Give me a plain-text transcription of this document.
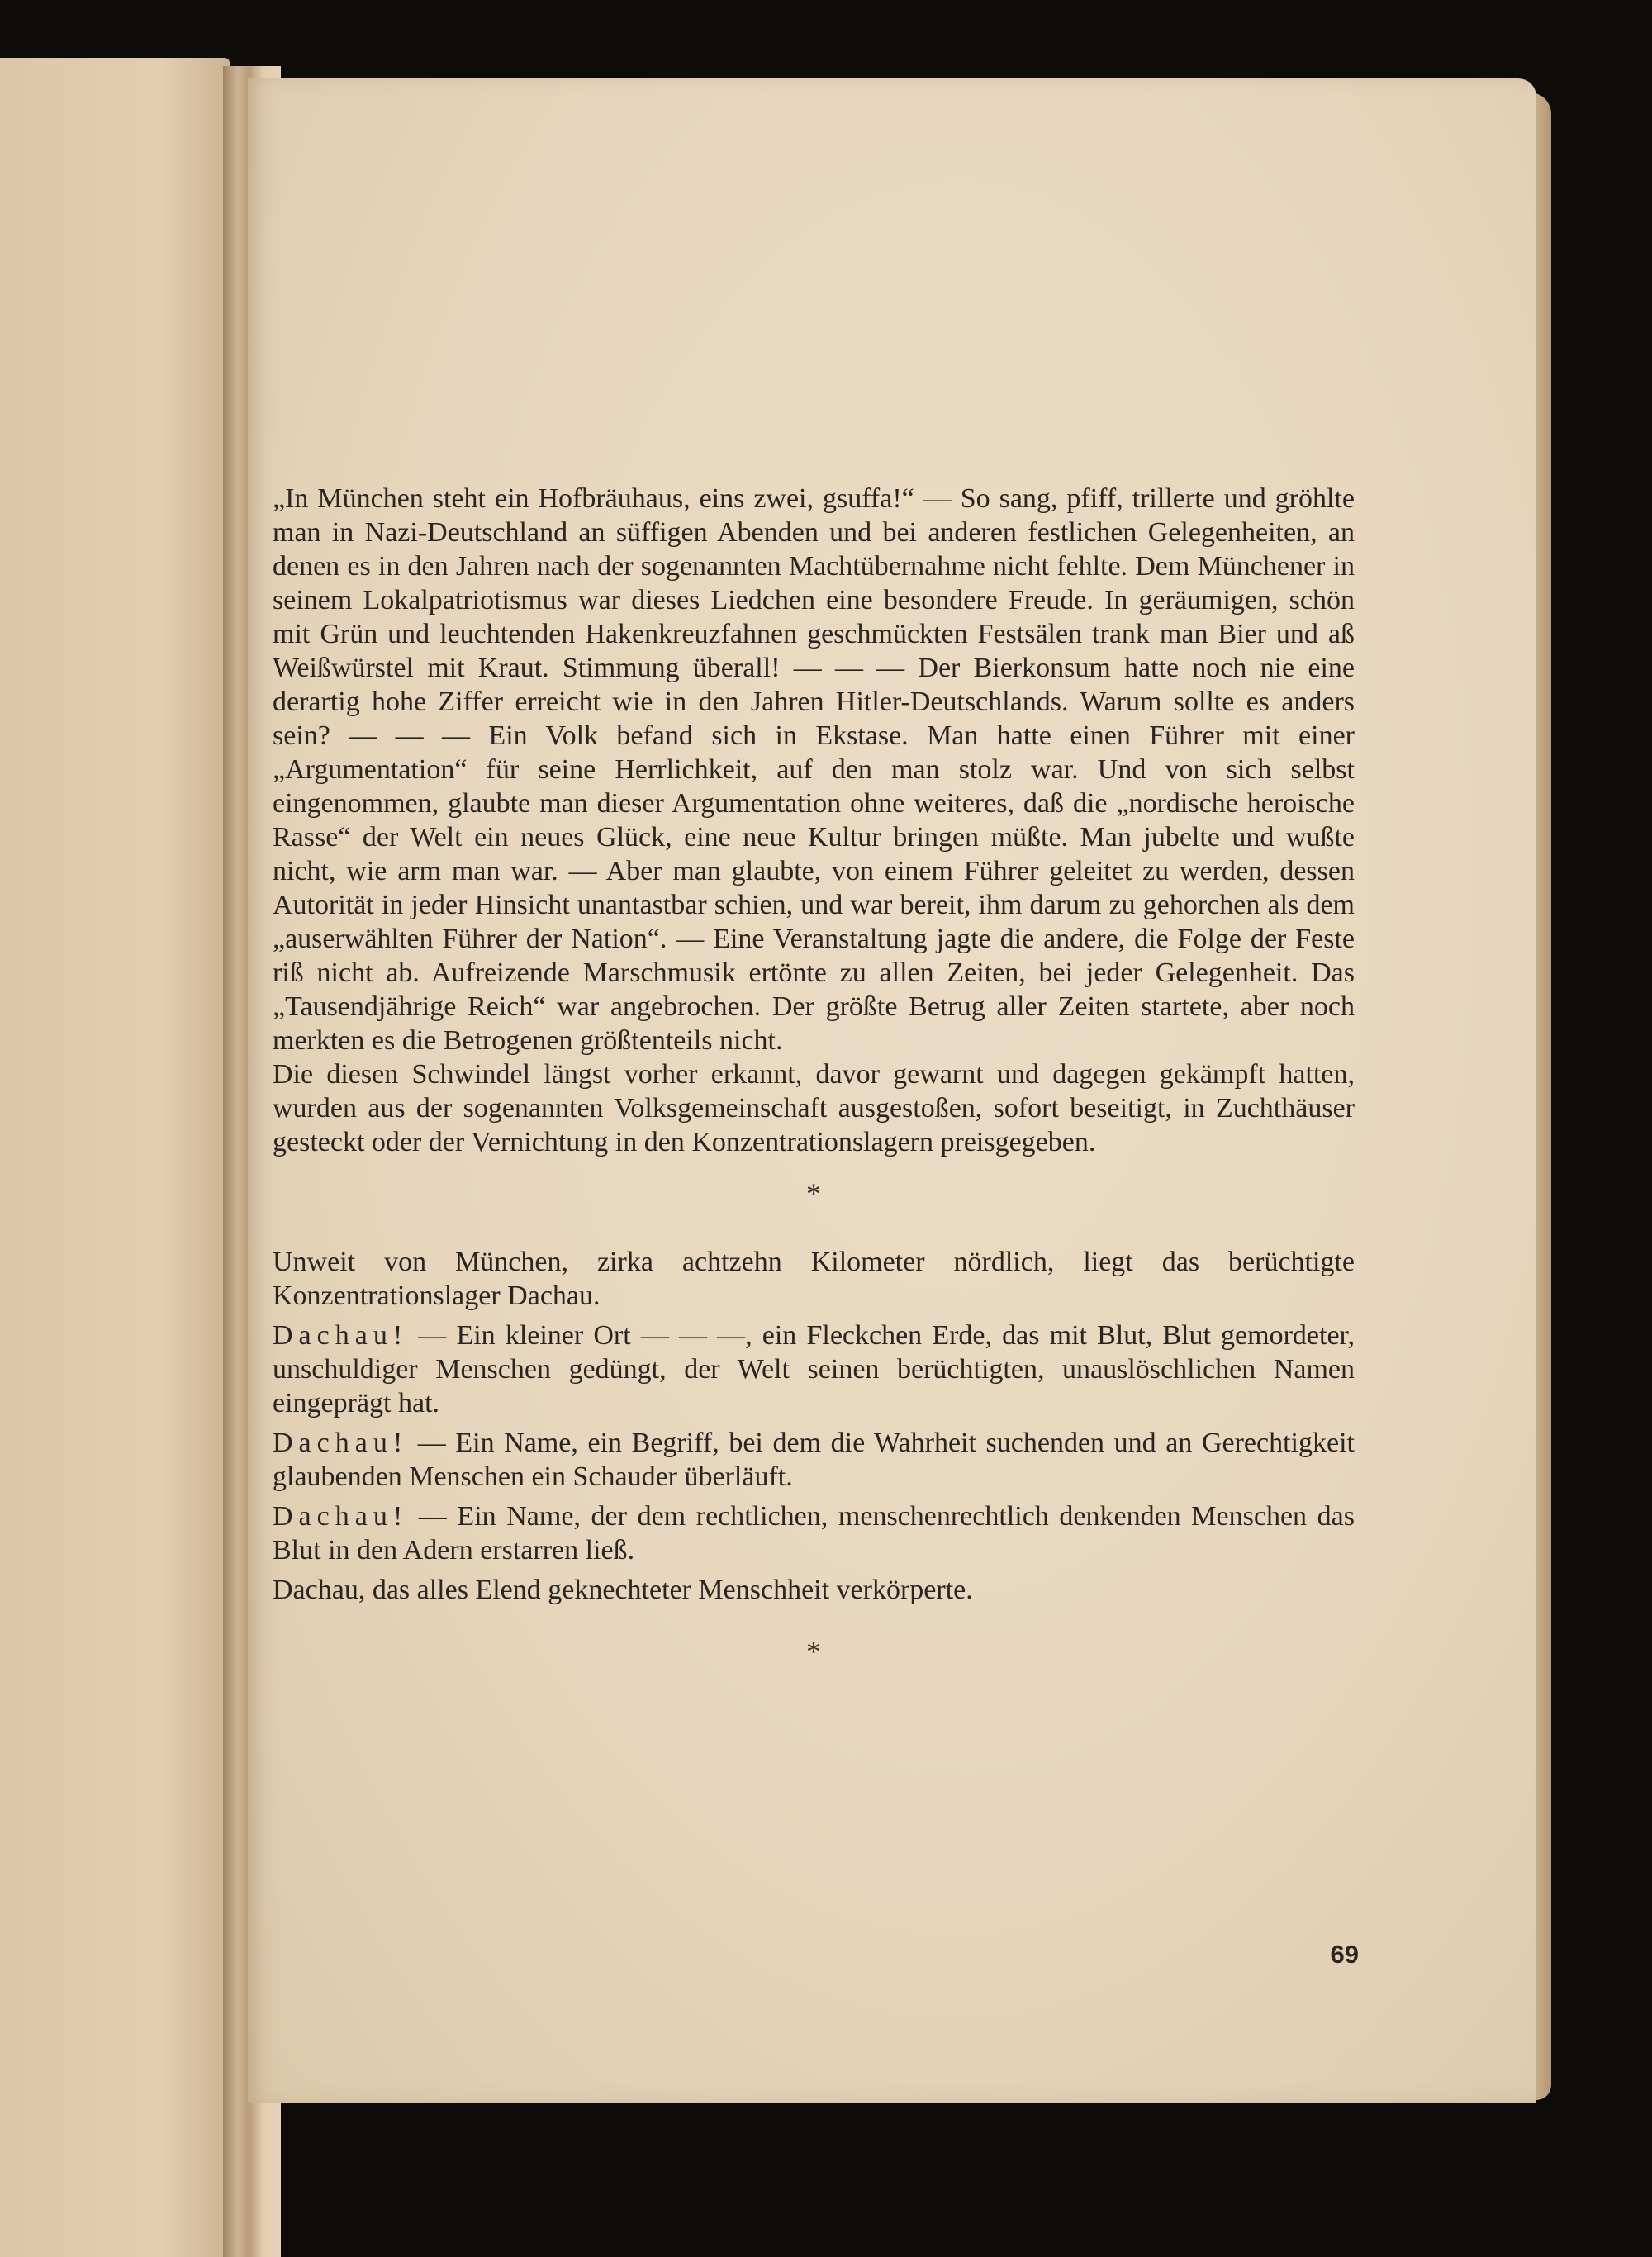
„In München steht ein Hofbräuhaus, eins zwei, gsuffa!“ — So sang, pfiff, trillerte und gröhlte man in Nazi-Deutschland an süffigen Abenden und bei anderen festlichen Gelegenheiten, an denen es in den Jahren nach der sogenannten Machtübernahme nicht fehlte. Dem Münchener in seinem Lokalpatriotismus war dieses Liedchen eine besondere Freude. In geräumigen, schön mit Grün und leuchtenden Hakenkreuzfahnen geschmückten Festsälen trank man Bier und aß Weißwürstel mit Kraut. Stimmung überall! — — — Der Bierkonsum hatte noch nie eine derartig hohe Ziffer erreicht wie in den Jahren Hitler-Deutschlands. Warum sollte es anders sein? — — — Ein Volk befand sich in Ekstase. Man hatte einen Führer mit einer „Argumentation“ für seine Herrlichkeit, auf den man stolz war. Und von sich selbst eingenommen, glaubte man dieser Argumentation ohne weiteres, daß die „nordische heroische Rasse“ der Welt ein neues Glück, eine neue Kultur bringen müßte. Man jubelte und wußte nicht, wie arm man war. — Aber man glaubte, von einem Führer geleitet zu werden, dessen Autorität in jeder Hinsicht unantastbar schien, und war bereit, ihm darum zu gehorchen als dem „auserwählten Führer der Nation“. — Eine Veranstaltung jagte die andere, die Folge der Feste riß nicht ab. Aufreizende Marschmusik ertönte zu allen Zeiten, bei jeder Gelegenheit. Das „Tausendjährige Reich“ war angebrochen. Der größte Betrug aller Zeiten startete, aber noch merkten es die Betrogenen größtenteils nicht.

Die diesen Schwindel längst vorher erkannt, davor gewarnt und dagegen gekämpft hatten, wurden aus der sogenannten Volksgemeinschaft ausgestoßen, sofort beseitigt, in Zuchthäuser gesteckt oder der Vernichtung in den Konzentrationslagern preisgegeben.

*

Unweit von München, zirka achtzehn Kilometer nördlich, liegt das berüchtigte Konzentrationslager Dachau.

Dachau! — Ein kleiner Ort — — —, ein Fleckchen Erde, das mit Blut, Blut gemordeter, unschuldiger Menschen gedüngt, der Welt seinen berüchtigten, unauslöschlichen Namen eingeprägt hat.

Dachau! — Ein Name, ein Begriff, bei dem die Wahrheit suchenden und an Gerechtigkeit glaubenden Menschen ein Schauder überläuft.

Dachau! — Ein Name, der dem rechtlichen, menschenrechtlich denkenden Menschen das Blut in den Adern erstarren ließ.

Dachau, das alles Elend geknechteter Menschheit verkörperte.

*
69
